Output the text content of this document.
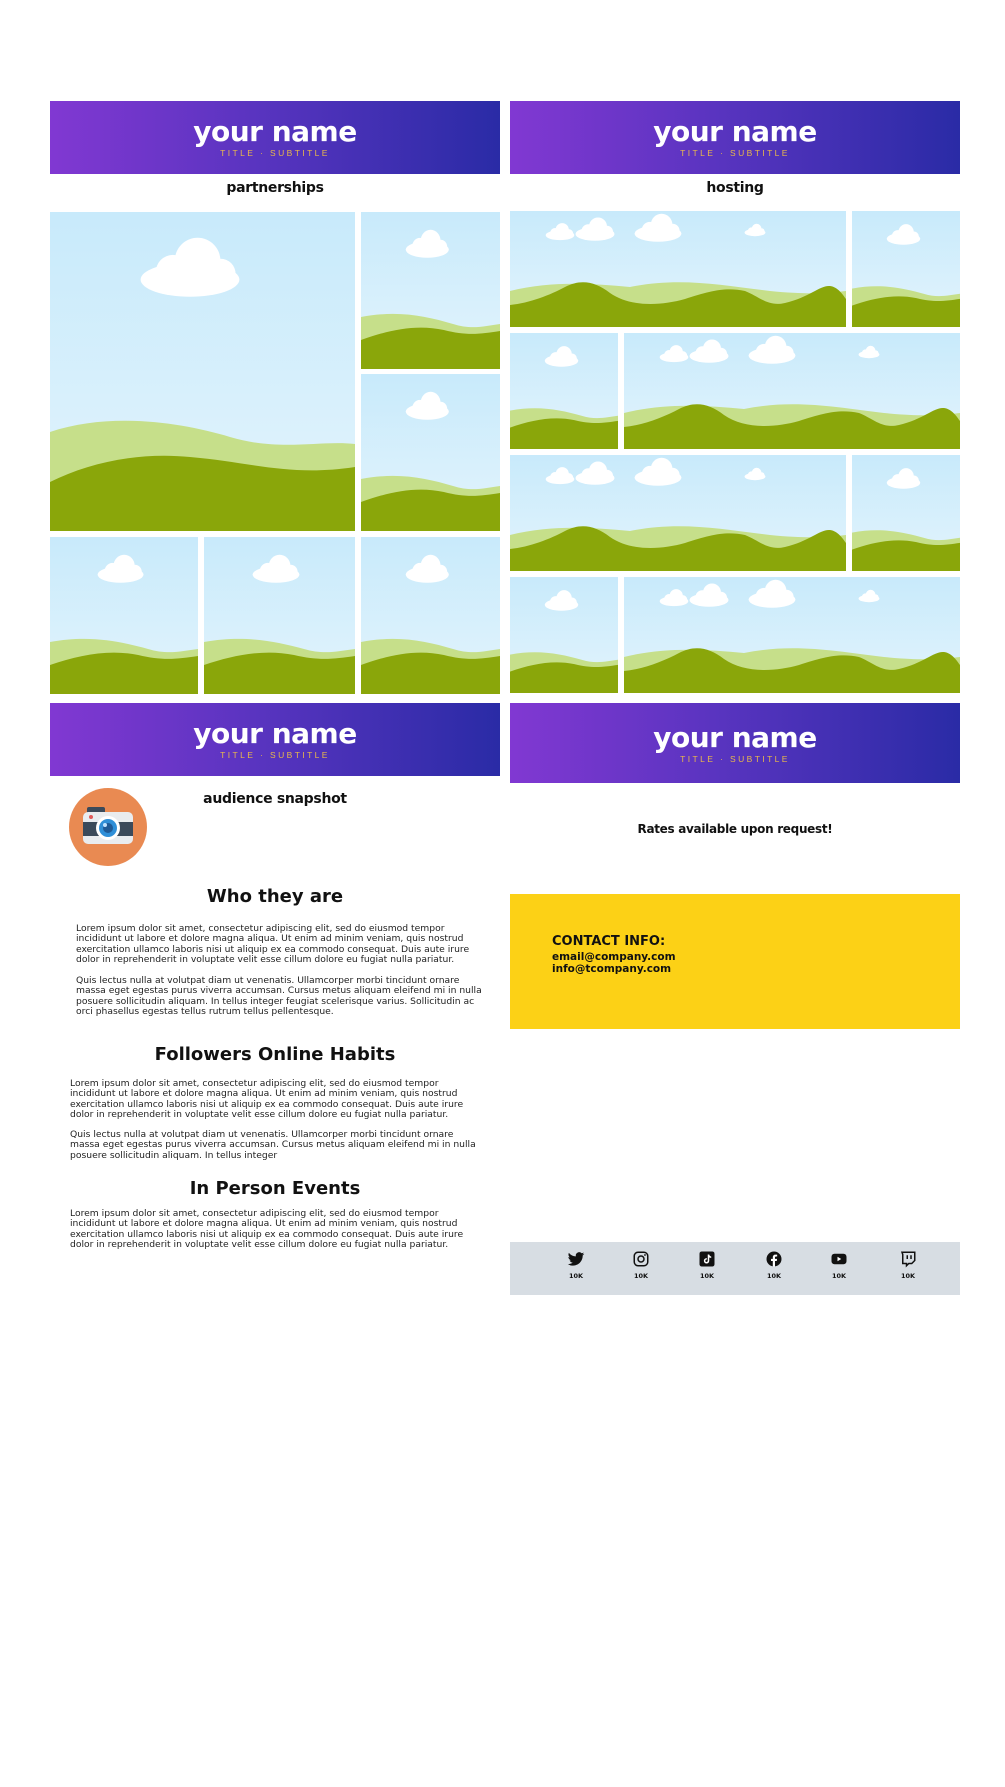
your name
TITLE · SUBTITLE
your name
TITLE · SUBTITLE
your name
TITLE · SUBTITLE
your name
TITLE · SUBTITLE
partnerships	hosting
audience snapshot
Who they are
Lorem ipsum dolor sit amet, consectetur adipiscing elit, sed do eiusmod tempor incididunt ut labore et dolore magna aliqua. Ut enim ad minim veniam, quis nostrud exercitation ullamco laboris nisi ut aliquip ex ea commodo consequat. Duis aute irure dolor in reprehenderit in voluptate velit esse cillum dolore eu fugiat nulla pariatur.
Quis lectus nulla at volutpat diam ut venenatis. Ullamcorper morbi tincidunt ornare massa eget egestas purus viverra accumsan. Cursus metus aliquam eleifend mi in nulla posuere sollicitudin aliquam. In tellus integer feugiat scelerisque varius. Sollicitudin ac orci phasellus egestas tellus rutrum tellus pellentesque.
Followers Online Habits
Lorem ipsum dolor sit amet, consectetur adipiscing elit, sed do eiusmod tempor incididunt ut labore et dolore magna aliqua. Ut enim ad minim veniam, quis nostrud exercitation ullamco laboris nisi ut aliquip ex ea commodo consequat. Duis aute irure dolor in reprehenderit in voluptate velit esse cillum dolore eu fugiat nulla pariatur.
Quis lectus nulla at volutpat diam ut venenatis. Ullamcorper morbi tincidunt ornare massa eget egestas purus viverra accumsan. Cursus metus aliquam eleifend mi in nulla posuere sollicitudin aliquam. In tellus integer
In Person Events
Lorem ipsum dolor sit amet, consectetur adipiscing elit, sed do eiusmod tempor incididunt ut labore et dolore magna aliqua. Ut enim ad minim veniam, quis nostrud exercitation ullamco laboris nisi ut aliquip ex ea commodo consequat. Duis aute irure dolor in reprehenderit in voluptate velit esse cillum dolore eu fugiat nulla pariatur.
Rates available upon request!
CONTACT INFO:
email@company.com
info@tcompany.com
10K	10K	10K	10K	10K	10K
